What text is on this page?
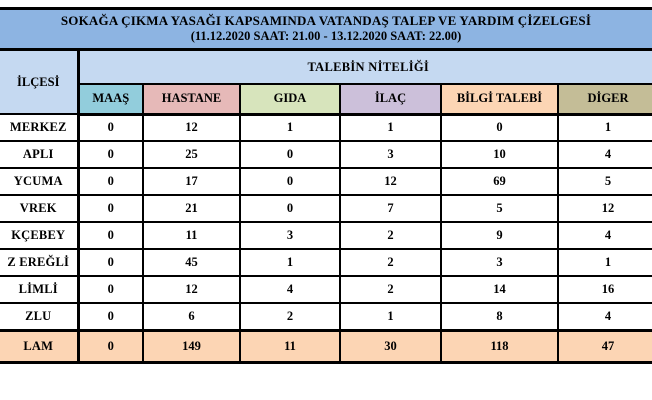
SOKAĞA ÇIKMA YASAĞI KAPSAMINDA VATANDAŞ TALEP VE YARDIM ÇİZELGESİ
(11.12.2020 SAAT: 21.00 - 13.12.2020 SAAT: 22.00)
İLÇESİ	TALEBİN NİTELİĞİ					
	MAAŞ	HASTANE	GIDA	İLAÇ	BİLGİ TALEBİ	DİGER
MERKEZ	0	12	1	1	0	1
APLI	0	25	0	3	10	4
YCUMA	0	17	0	12	69	5
VREK	0	21	0	7	5	12
KÇEBEY	0	11	3	2	9	4
Z EREĞLİ	0	45	1	2	3	1
LİMLİ	0	12	4	2	14	16
ZLU	0	6	2	1	8	4
LAM	0	149	11	30	118	47
